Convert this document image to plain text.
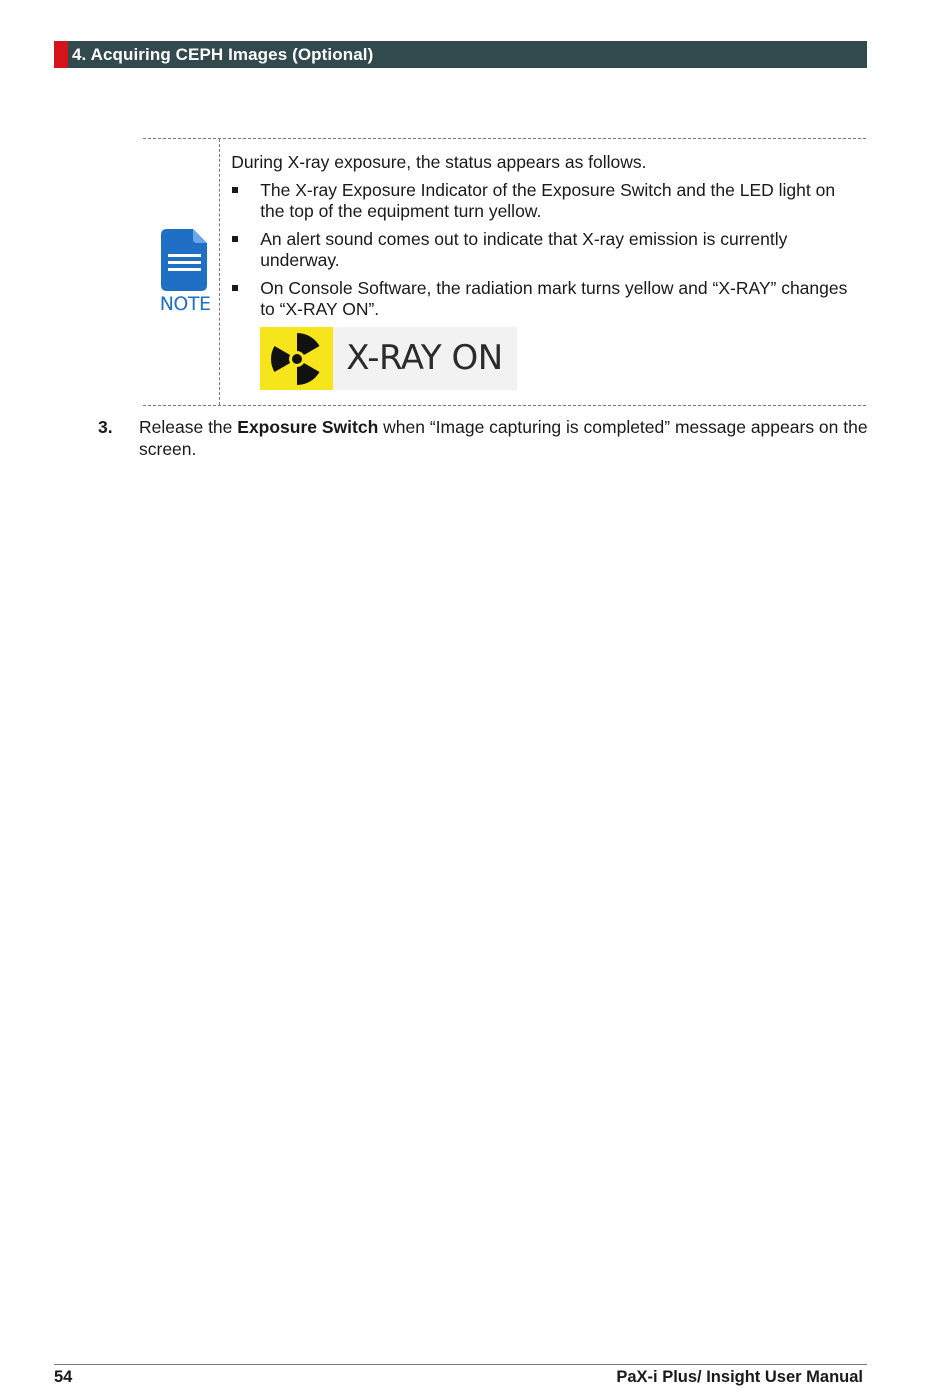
4. Acquiring CEPH Images (Optional)
NOTE

During X-ray exposure, the status appears as follows.

The X-ray Exposure Indicator of the Exposure Switch and the LED light on the top of the equipment turn yellow.
An alert sound comes out to indicate that X-ray emission is currently underway.
On Console Software, the radiation mark turns yellow and “X-RAY” changes to “X-RAY ON”.
X-RAY ON
3. Release the Exposure Switch when “Image capturing is completed” message appears on the screen.
54	PaX-i Plus/ Insight User Manual
